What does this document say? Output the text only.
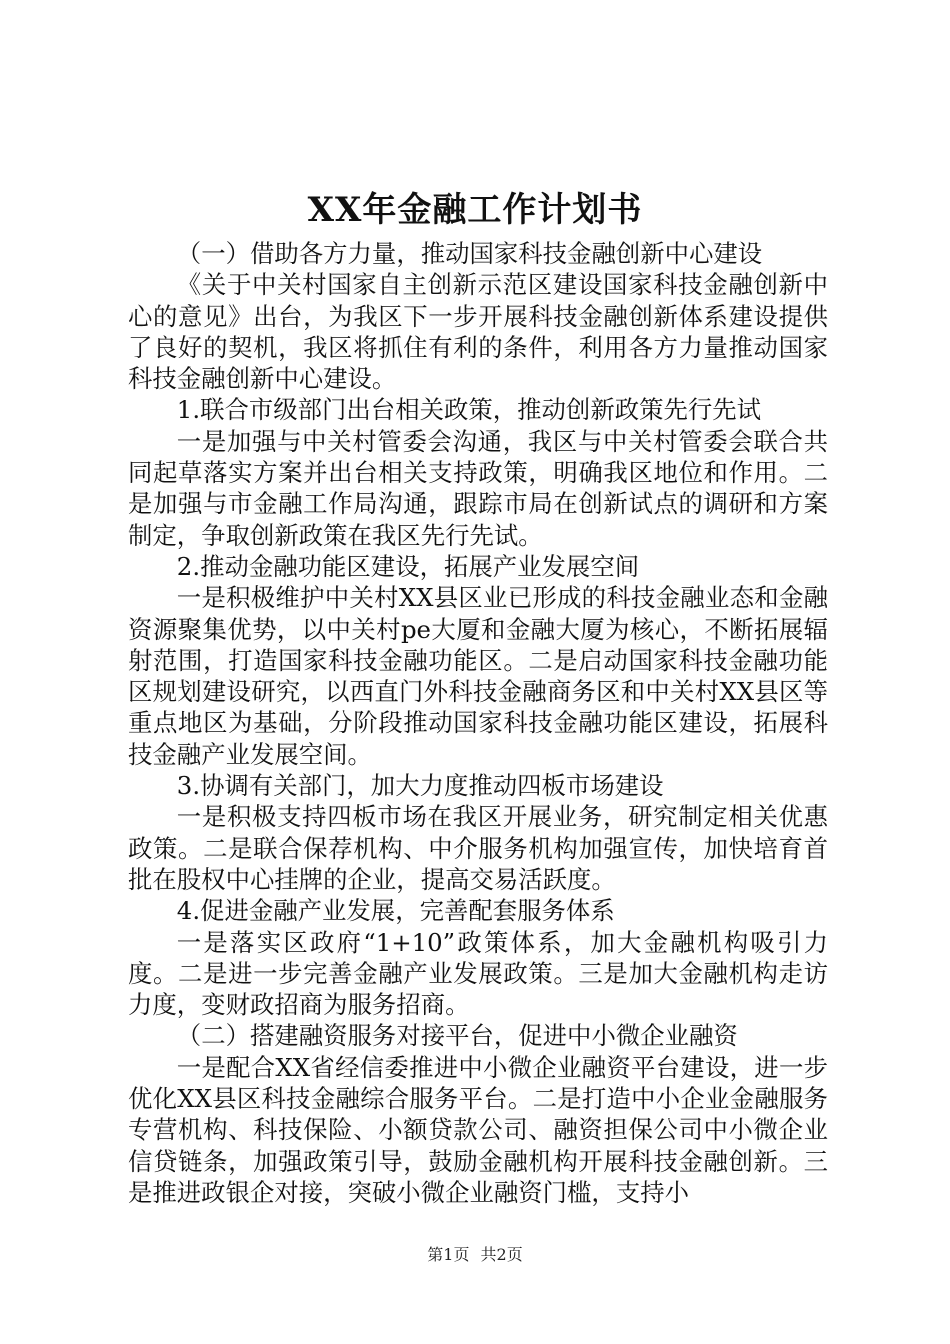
XX年金融工作计划书

（一）借助各方力量，推动国家科技金融创新中心建设

《关于中关村国家自主创新示范区建设国家科技金融创新中心的意见》出台，为我区下一步开展科技金融创新体系建设提供了良好的契机，我区将抓住有利的条件，利用各方力量推动国家科技金融创新中心建设。

1.联合市级部门出台相关政策，推动创新政策先行先试

一是加强与中关村管委会沟通，我区与中关村管委会联合共同起草落实方案并出台相关支持政策，明确我区地位和作用。二是加强与市金融工作局沟通，跟踪市局在创新试点的调研和方案制定，争取创新政策在我区先行先试。

2.推动金融功能区建设，拓展产业发展空间

一是积极维护中关村XX县区业已形成的科技金融业态和金融资源聚集优势，以中关村pe大厦和金融大厦为核心，不断拓展辐射范围，打造国家科技金融功能区。二是启动国家科技金融功能区规划建设研究，以西直门外科技金融商务区和中关村XX县区等重点地区为基础，分阶段推动国家科技金融功能区建设，拓展科技金融产业发展空间。

3.协调有关部门，加大力度推动四板市场建设

一是积极支持四板市场在我区开展业务，研究制定相关优惠政策。二是联合保荐机构、中介服务机构加强宣传，加快培育首批在股权中心挂牌的企业，提高交易活跃度。

4.促进金融产业发展，完善配套服务体系

一是落实区政府“1+10”政策体系，加大金融机构吸引力度。二是进一步完善金融产业发展政策。三是加大金融机构走访力度，变财政招商为服务招商。

（二）搭建融资服务对接平台，促进中小微企业融资

一是配合XX省经信委推进中小微企业融资平台建设，进一步优化XX县区科技金融综合服务平台。二是打造中小企业金融服务专营机构、科技保险、小额贷款公司、融资担保公司中小微企业信贷链条，加强政策引导，鼓励金融机构开展科技金融创新。三是推进政银企对接，突破小微企业融资门槛，支持小

第1页 共2页
